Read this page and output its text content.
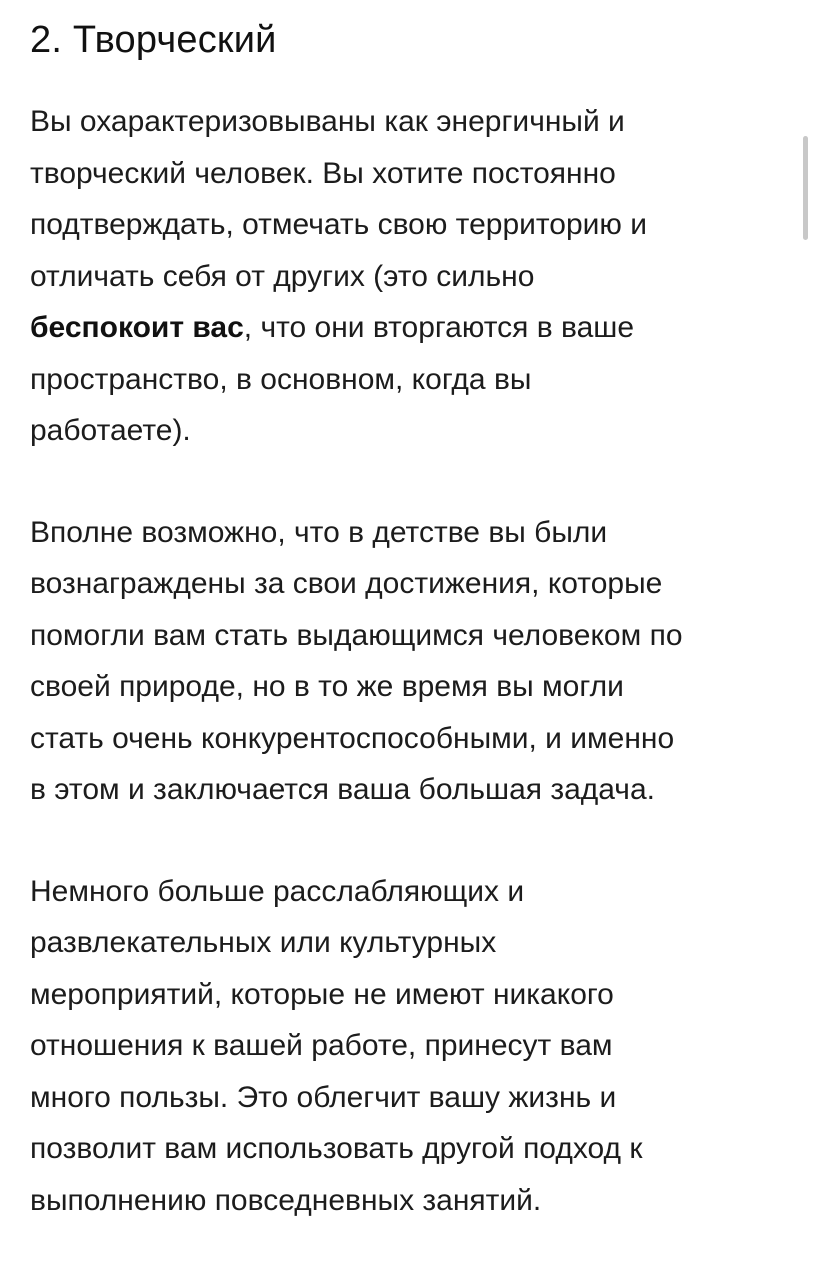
2. Творческий
Вы охарактеризовываны как энергичный и
творческий человек. Вы хотите постоянно
подтверждать, отмечать свою территорию и
отличать себя от других (это сильно
беспокоит вас, что они вторгаются в ваше
пространство, в основном, когда вы
работаете).
Вполне возможно, что в детстве вы были
вознаграждены за свои достижения, которые
помогли вам стать выдающимся человеком по
своей природе, но в то же время вы могли
стать очень конкурентоспособными, и именно
в этом и заключается ваша большая задача.
Немного больше расслабляющих и
развлекательных или культурных
мероприятий, которые не имеют никакого
отношения к вашей работе, принесут вам
много пользы. Это облегчит вашу жизнь и
позволит вам использовать другой подход к
выполнению повседневных занятий.
